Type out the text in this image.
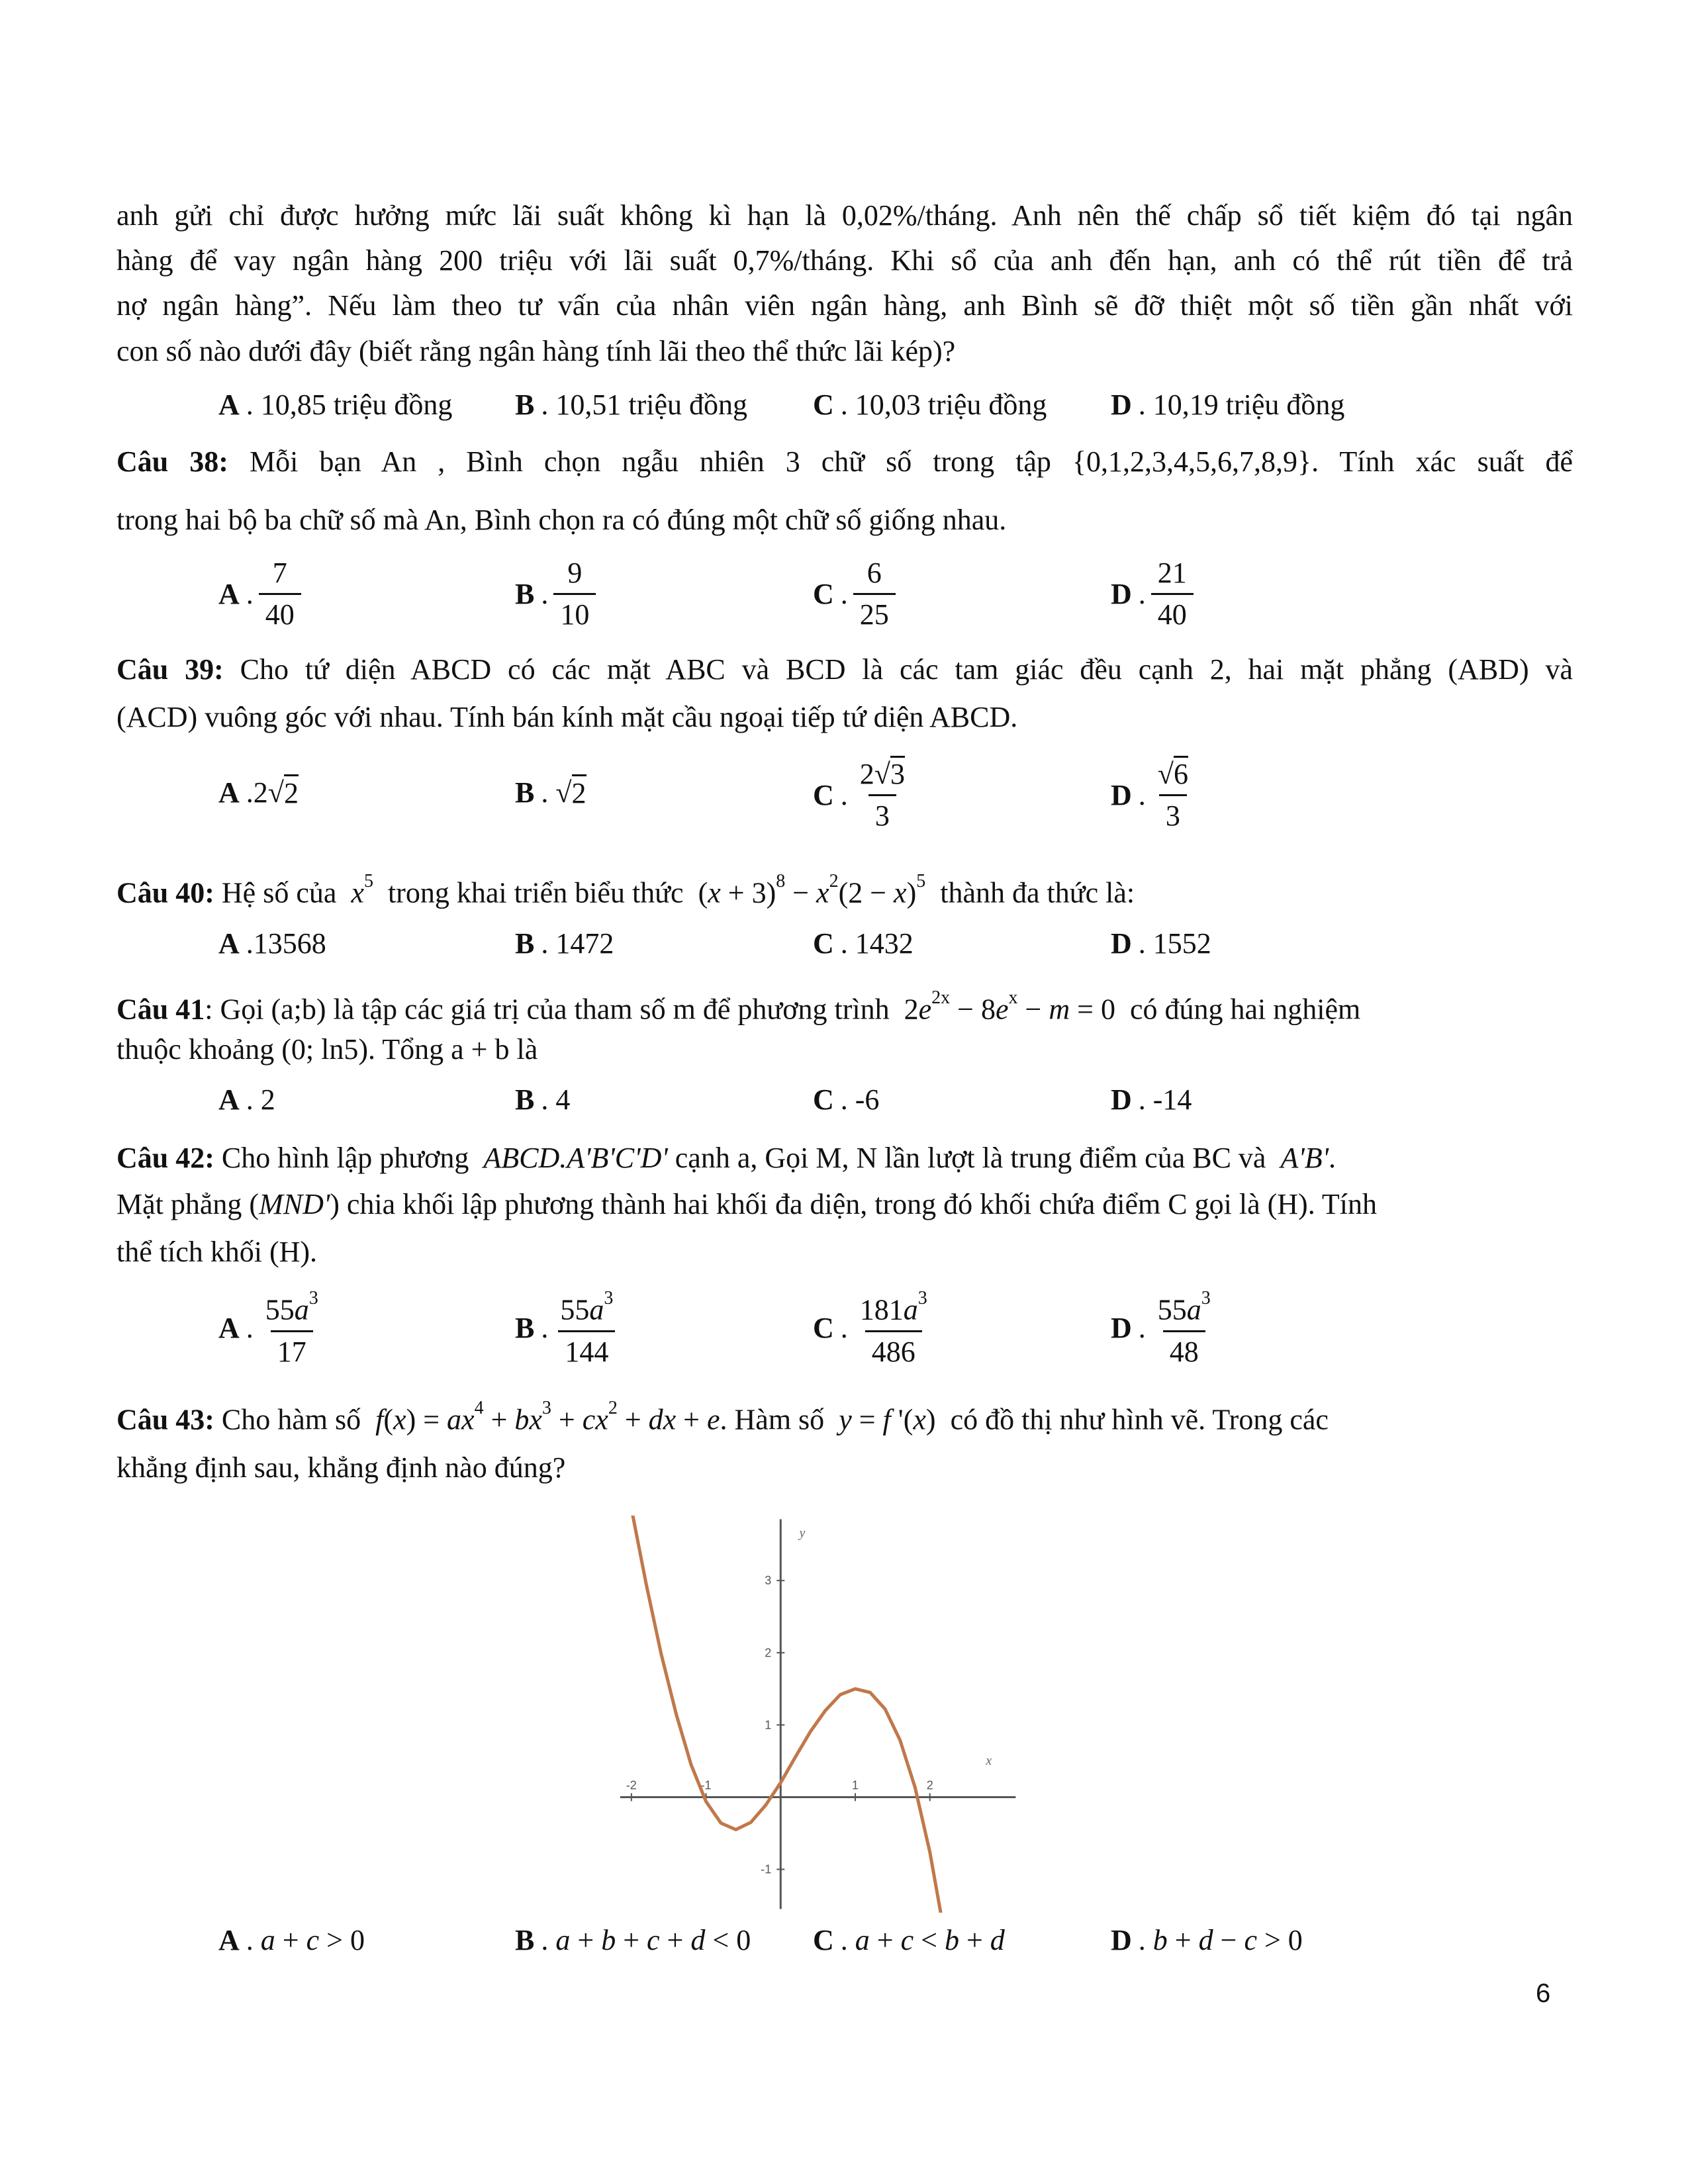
anh gửi chỉ được hưởng mức lãi suất không kì hạn là 0,02%/tháng. Anh nên thế chấp sổ tiết kiệm đó tại ngân
hàng để vay ngân hàng 200 triệu với lãi suất 0,7%/tháng. Khi sổ của anh đến hạn, anh có thể rút tiền để trả
nợ ngân hàng”. Nếu làm theo tư vấn của nhân viên ngân hàng, anh Bình sẽ đỡ thiệt một số tiền gần nhất với
con số nào dưới đây (biết rằng ngân hàng tính lãi theo thể thức lãi kép)?
A . 10,85 triệu đồng B . 10,51 triệu đồng C . 10,03 triệu đồng D . 10,19 triệu đồng
Câu 38: Mỗi bạn An , Bình chọn ngẫu nhiên 3 chữ số trong tập {0,1,2,3,4,5,6,7,8,9}. Tính xác suất để
trong hai bộ ba chữ số mà An, Bình chọn ra có đúng một chữ số giống nhau.
A . $\frac{7}{40}$	B . $\frac{9}{10}$	C . $\frac{6}{25}$	D . $\frac{21}{40}$
Câu 39: Cho tứ diện ABCD có các mặt ABC và BCD là các tam giác đều cạnh 2, hai mặt phẳng (ABD) và
(ACD) vuông góc với nhau. Tính bán kính mặt cầu ngoại tiếp tứ diện ABCD.
A . 2 √ 2	B . √ 2	C . $\frac{2√3}{3}$	D . $\frac{√6}{3}$
Câu 40: Hệ số của $x^5$ trong khai triển biểu thức  $(x + 3)^8 - x^2(2 - x)^5$ thành đa thức là:
A . 13568	B . 1472	C . 1432	D . 1552
Câu 41: Gọi (a;b) là tập các giá trị của tham số m để phương trình  $2e^{2x} - 8e^x - m = 0$  có đúng hai nghiệm
thuộc khoảng (0; ln5). Tổng a + b là
A . 2	B . 4	C . -6	D . -14
Câu 42: Cho hình lập phương ABCD.A'B'C'D' cạnh a, Gọi M, N lần lượt là trung điểm của BC và A'B'.
Mặt phẳng (MND') chia khối lập phương thành hai khối đa diện, trong đó khối chứa điểm C gọi là (H). Tính
thể tích khối (H).
A . $\frac{55a^3}{17}$	B . $\frac{55a^3}{144}$	C . $\frac{181a^3}{486}$	D . $\frac{55a^3}{48}$
Câu 43: Cho hàm số $f(x) = ax^4 + bx^3 + cx^2$ + dx + e. Hàm số y = f '(x)  có đồ thị như hình vẽ. Trong các
khẳng định sau, khẳng định nào đúng?
-2	-1	1	2
-1
1
2
3
x
y
A . a + c > 0	B . a + b + c + d < 0 C . a + c < b + d	D . b + d − c > 0
6
